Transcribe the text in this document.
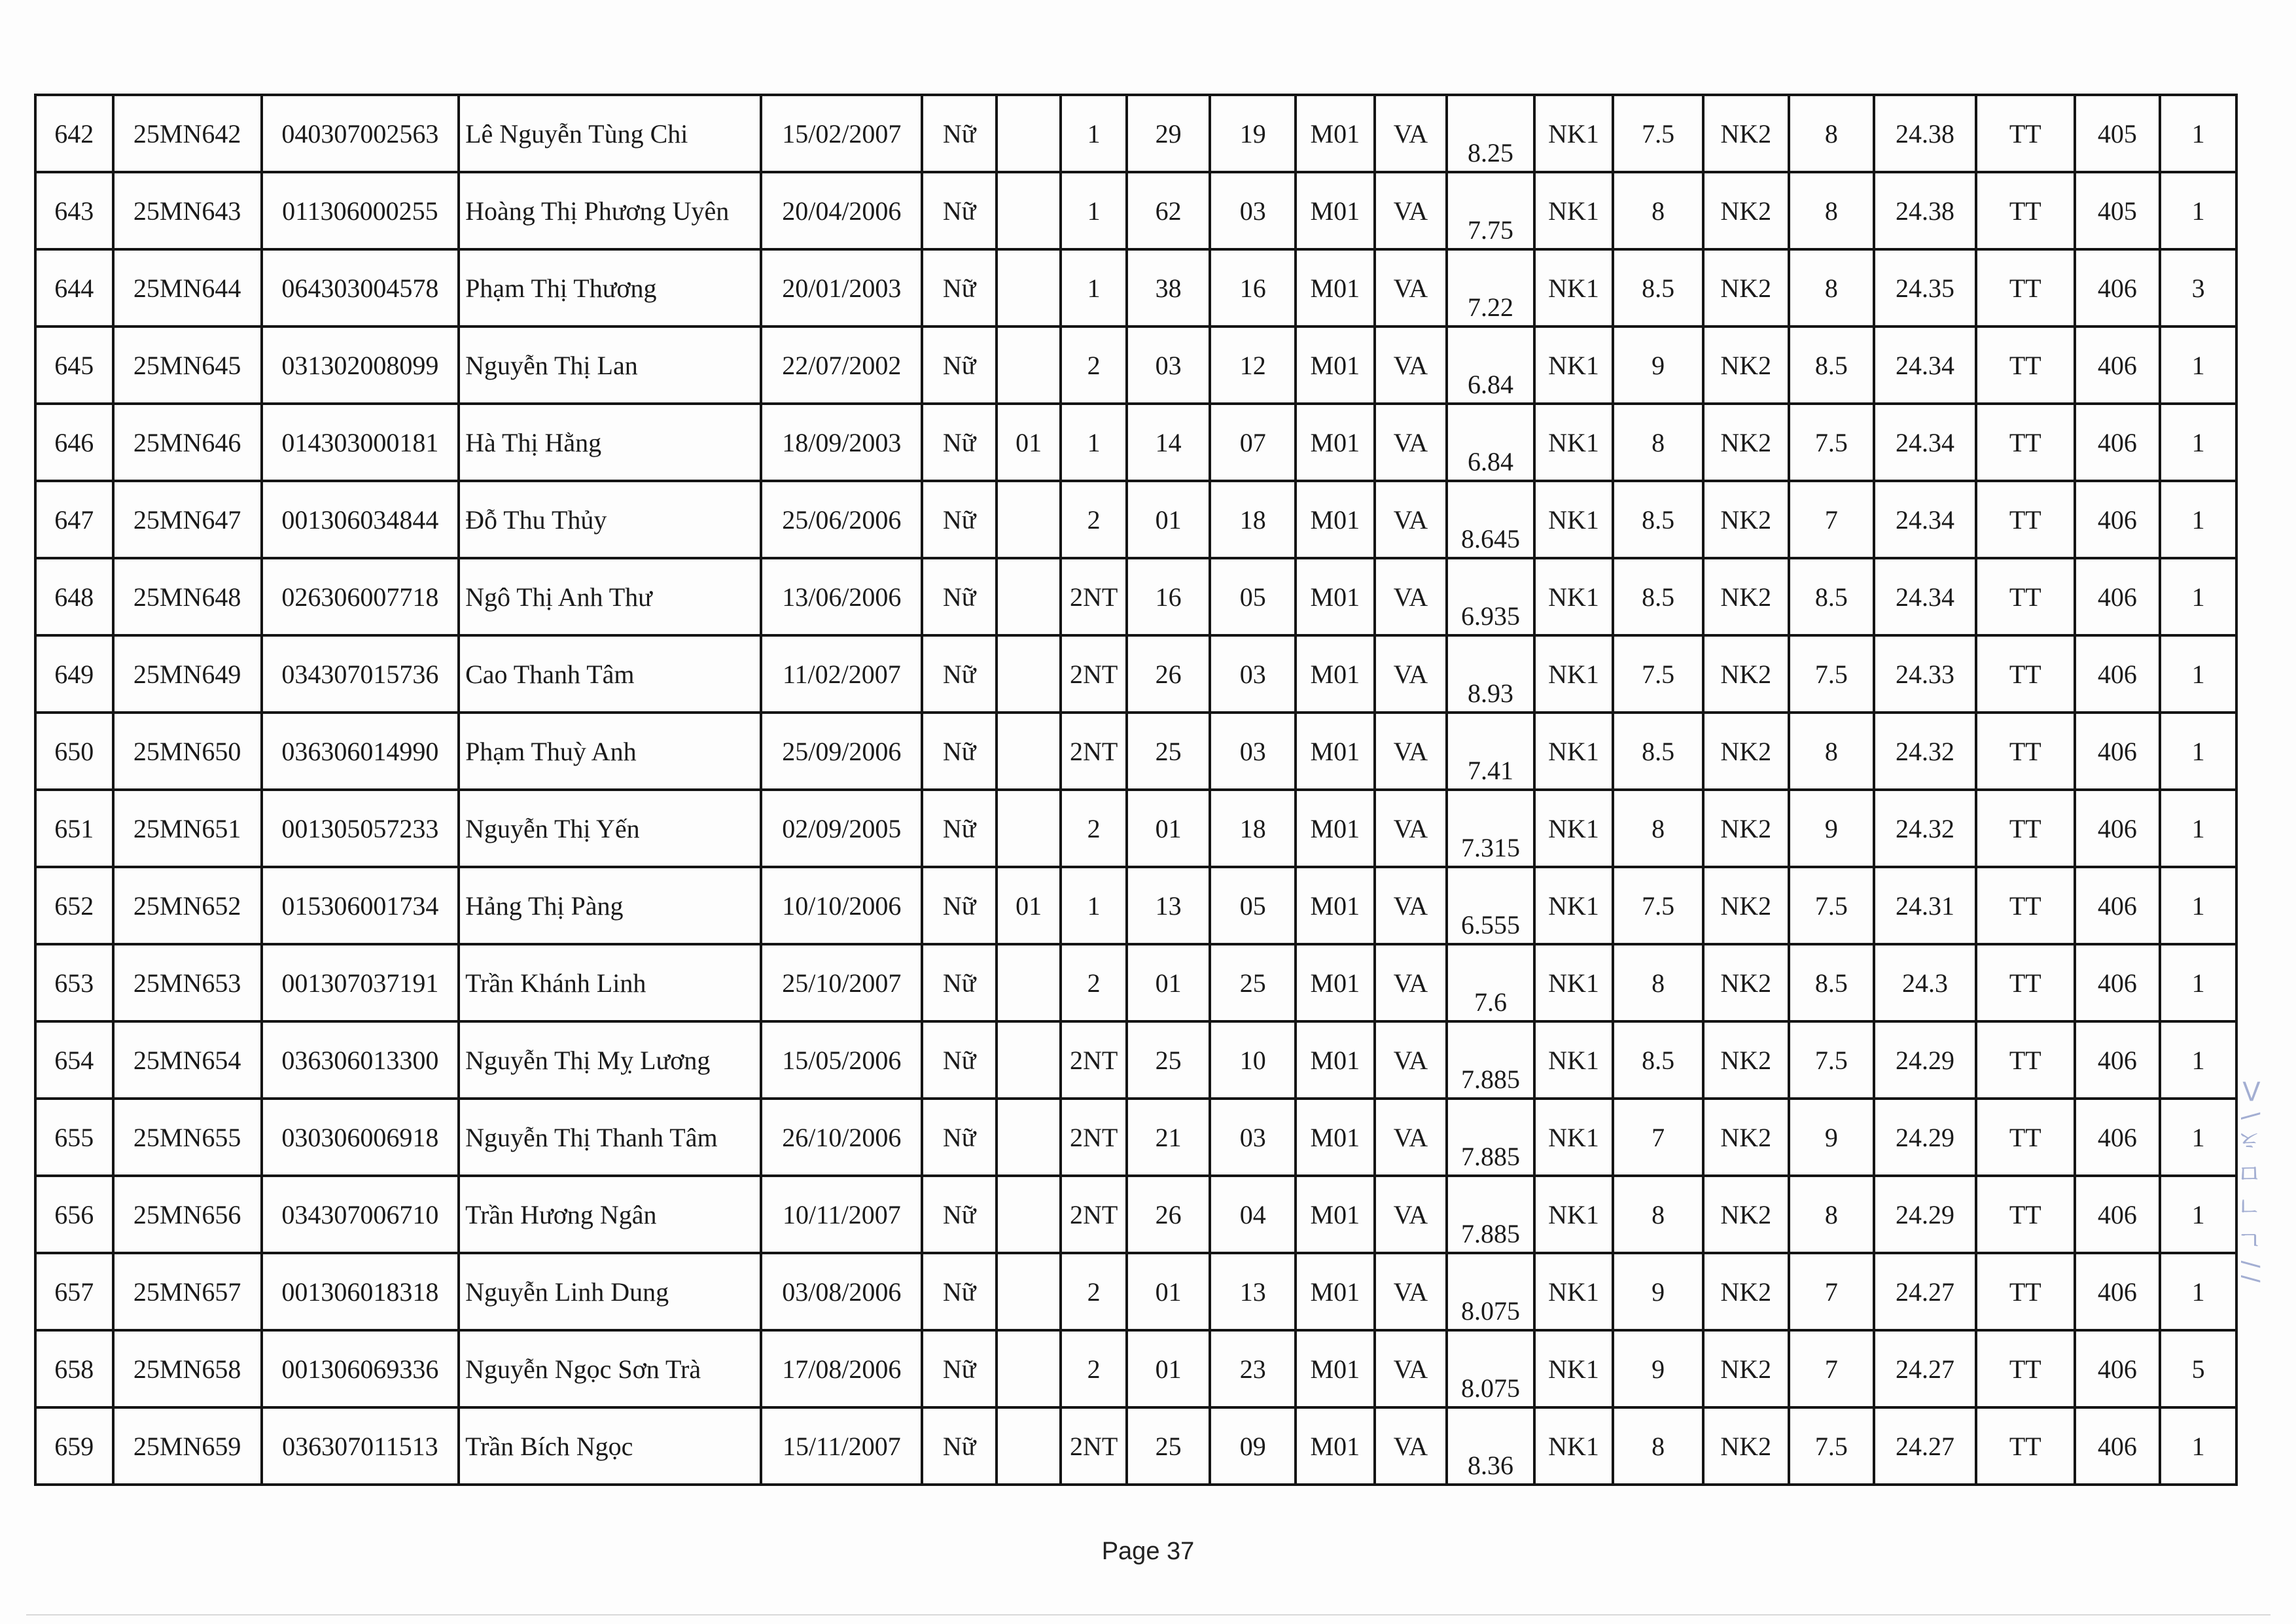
642	25MN642	040307002563	Lê Nguyễn Tùng Chi	15/02/2007	Nữ		1	29	19	M01	VA	8.25	NK1	7.5	NK2	8	24.38	TT	405	1
643	25MN643	011306000255	Hoàng Thị Phương Uyên	20/04/2006	Nữ		1	62	03	M01	VA	7.75	NK1	8	NK2	8	24.38	TT	405	1
644	25MN644	064303004578	Phạm Thị Thương	20/01/2003	Nữ		1	38	16	M01	VA	7.22	NK1	8.5	NK2	8	24.35	TT	406	3
645	25MN645	031302008099	Nguyễn Thị Lan	22/07/2002	Nữ		2	03	12	M01	VA	6.84	NK1	9	NK2	8.5	24.34	TT	406	1
646	25MN646	014303000181	Hà Thị Hằng	18/09/2003	Nữ	01	1	14	07	M01	VA	6.84	NK1	8	NK2	7.5	24.34	TT	406	1
647	25MN647	001306034844	Đỗ Thu Thủy	25/06/2006	Nữ		2	01	18	M01	VA	8.645	NK1	8.5	NK2	7	24.34	TT	406	1
648	25MN648	026306007718	Ngô Thị Anh Thư	13/06/2006	Nữ		2NT	16	05	M01	VA	6.935	NK1	8.5	NK2	8.5	24.34	TT	406	1
649	25MN649	034307015736	Cao Thanh Tâm	11/02/2007	Nữ		2NT	26	03	M01	VA	8.93	NK1	7.5	NK2	7.5	24.33	TT	406	1
650	25MN650	036306014990	Phạm Thuỳ Anh	25/09/2006	Nữ		2NT	25	03	M01	VA	7.41	NK1	8.5	NK2	8	24.32	TT	406	1
651	25MN651	001305057233	Nguyễn Thị Yến	02/09/2005	Nữ		2	01	18	M01	VA	7.315	NK1	8	NK2	9	24.32	TT	406	1
652	25MN652	015306001734	Hảng Thị Pàng	10/10/2006	Nữ	01	1	13	05	M01	VA	6.555	NK1	7.5	NK2	7.5	24.31	TT	406	1
653	25MN653	001307037191	Trần Khánh Linh	25/10/2007	Nữ		2	01	25	M01	VA	7.6	NK1	8	NK2	8.5	24.3	TT	406	1
654	25MN654	036306013300	Nguyễn Thị Mỵ Lương	15/05/2006	Nữ		2NT	25	10	M01	VA	7.885	NK1	8.5	NK2	7.5	24.29	TT	406	1
655	25MN655	030306006918	Nguyễn Thị Thanh Tâm	26/10/2006	Nữ		2NT	21	03	M01	VA	7.885	NK1	7	NK2	9	24.29	TT	406	1
656	25MN656	034307006710	Trần Hương Ngân	10/11/2007	Nữ		2NT	26	04	M01	VA	7.885	NK1	8	NK2	8	24.29	TT	406	1
657	25MN657	001306018318	Nguyễn Linh Dung	03/08/2006	Nữ		2	01	13	M01	VA	8.075	NK1	9	NK2	7	24.27	TT	406	1
658	25MN658	001306069336	Nguyễn Ngọc Sơn Trà	17/08/2006	Nữ		2	01	23	M01	VA	8.075	NK1	9	NK2	7	24.27	TT	406	5
659	25MN659	036307011513	Trần Bích Ngọc	15/11/2007	Nữ		2NT	25	09	M01	VA	8.36	NK1	8	NK2	7.5	24.27	TT	406	1
Page 37
/ / ㄴ ㄱ ㅁ ㅊ \ ᐱ
